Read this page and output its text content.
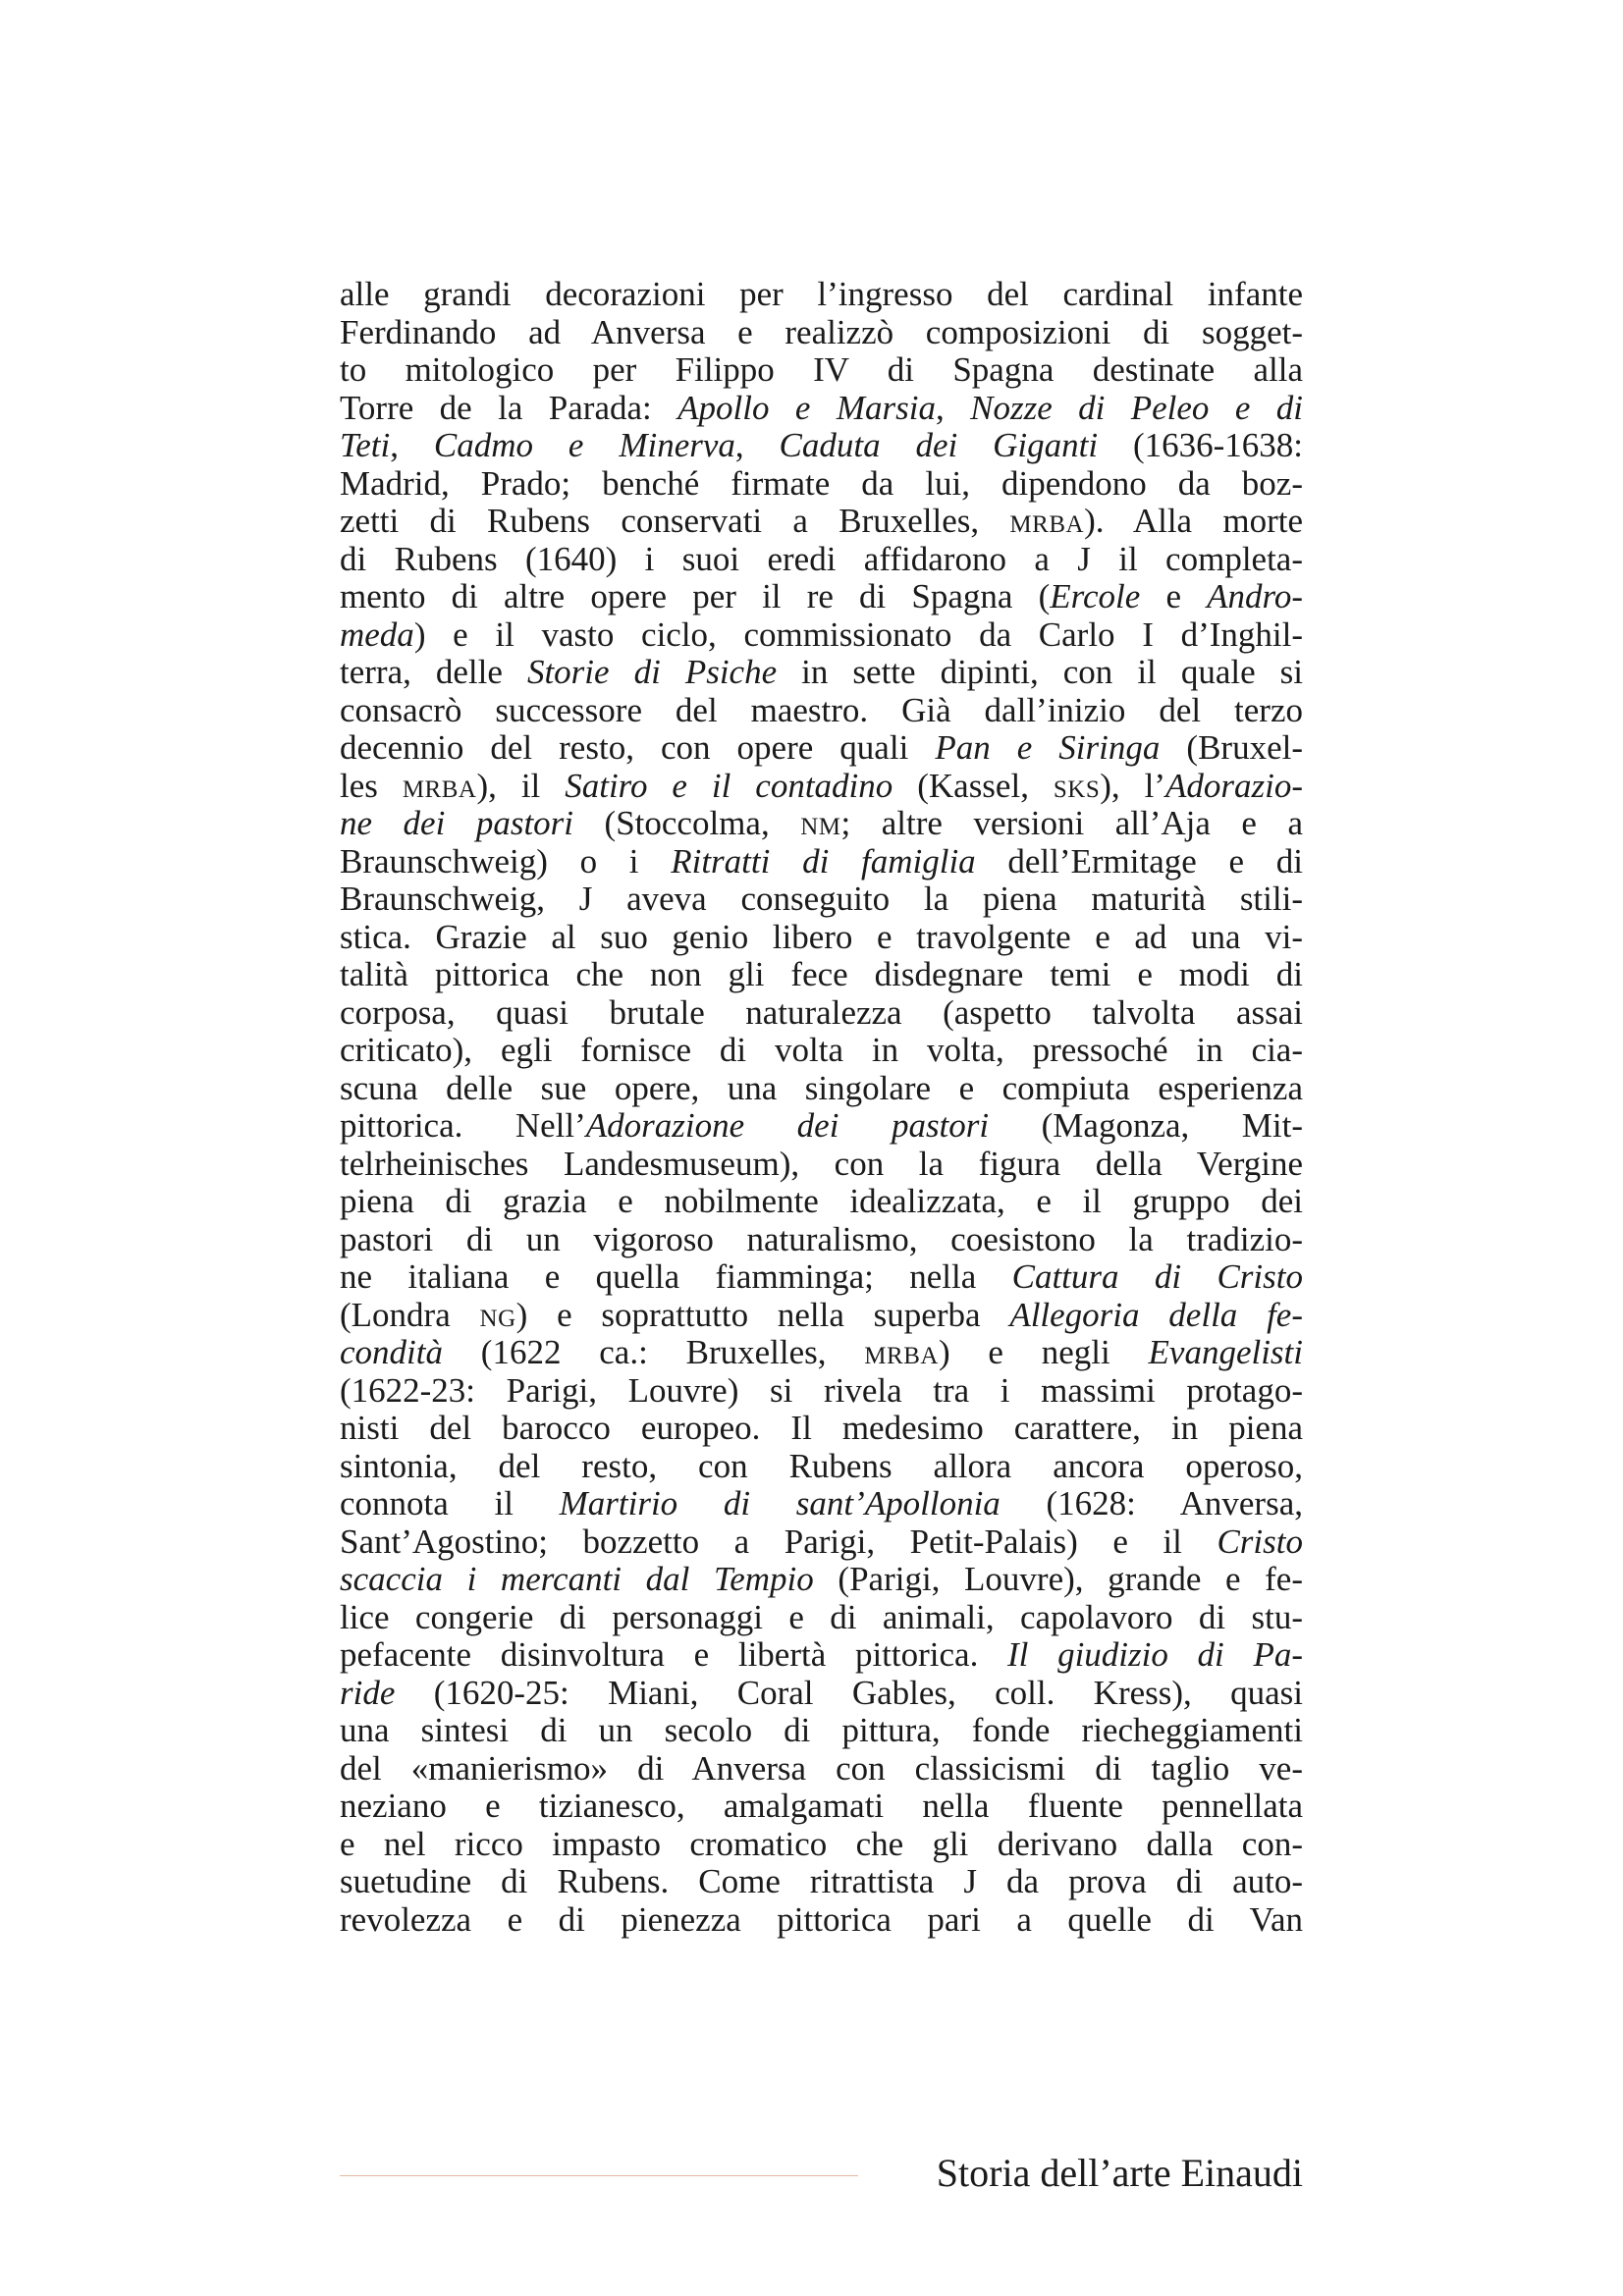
alle grandi decorazioni per l’ingresso del cardinal infante
Ferdinando ad Anversa e realizzò composizioni di sogget-
to mitologico per Filippo IV di Spagna destinate alla
Torre de la Parada: Apollo e Marsia, Nozze di Peleo e di
Teti, Cadmo e Minerva, Caduta dei Giganti (1636-1638:
Madrid, Prado; benché firmate da lui, dipendono da boz-
zetti di Rubens conservati a Bruxelles, mrba). Alla morte
di Rubens (1640) i suoi eredi affidarono a J il completa-
mento di altre opere per il re di Spagna (Ercole e Andro-
meda) e il vasto ciclo, commissionato da Carlo I d’Inghil-
terra, delle Storie di Psiche in sette dipinti, con il quale si
consacrò successore del maestro. Già dall’inizio del terzo
decennio del resto, con opere quali Pan e Siringa (Bruxel-
les mrba), il Satiro e il contadino (Kassel, sks), l’Adorazio-
ne dei pastori (Stoccolma, nm; altre versioni all’Aja e a
Braunschweig) o i Ritratti di famiglia dell’Ermitage e di
Braunschweig, J aveva conseguito la piena maturità stili-
stica. Grazie al suo genio libero e travolgente e ad una vi-
talità pittorica che non gli fece disdegnare temi e modi di
corposa, quasi brutale naturalezza (aspetto talvolta assai
criticato), egli fornisce di volta in volta, pressoché in cia-
scuna delle sue opere, una singolare e compiuta esperienza
pittorica. Nell’Adorazione dei pastori (Magonza, Mit-
telrheinisches Landesmuseum), con la figura della Vergine
piena di grazia e nobilmente idealizzata, e il gruppo dei
pastori di un vigoroso naturalismo, coesistono la tradizio-
ne italiana e quella fiamminga; nella Cattura di Cristo
(Londra ng) e soprattutto nella superba Allegoria della fe-
condità (1622 ca.: Bruxelles, mrba) e negli Evangelisti
(1622-23: Parigi, Louvre) si rivela tra i massimi protago-
nisti del barocco europeo. Il medesimo carattere, in piena
sintonia, del resto, con Rubens allora ancora operoso,
connota il Martirio di sant’Apollonia (1628: Anversa,
Sant’Agostino; bozzetto a Parigi, Petit-Palais) e il Cristo
scaccia i mercanti dal Tempio (Parigi, Louvre), grande e fe-
lice congerie di personaggi e di animali, capolavoro di stu-
pefacente disinvoltura e libertà pittorica. Il giudizio di Pa-
ride (1620-25: Miani, Coral Gables, coll. Kress), quasi
una sintesi di un secolo di pittura, fonde riecheggiamenti
del «manierismo» di Anversa con classicismi di taglio ve-
neziano e tizianesco, amalgamati nella fluente pennellata
e nel ricco impasto cromatico che gli derivano dalla con-
suetudine di Rubens. Come ritrattista J da prova di auto-
revolezza e di pienezza pittorica pari a quelle di Van
Storia dell’arte Einaudi
